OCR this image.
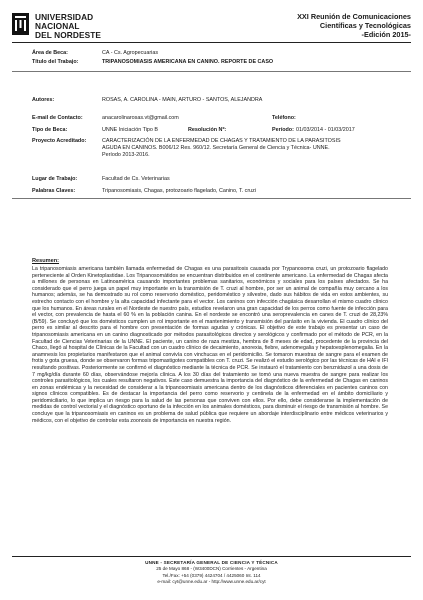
UNIVERSIDAD
NACIONAL
DEL NORDESTE
XXI Reunión de Comunicaciones
Científicas y Tecnológicas
-Edición 2015-
Área de Beca:	CA - Cs. Agropecuarias
Título del Trabajo:	TRIPANOSOMIASIS AMERICANA EN CANINO. REPORTE DE CASO
Autores:	ROSAS, A. CAROLINA - MAIN, ARTURO - SANTOS, ALEJANDRA
E-mail de Contacto:	anacarolinarosas.vt@gmail.com	Teléfono:
Tipo de Beca:	UNNE Iniciación Tipo B	Resolución Nº:	Período: 01/03/2014 - 01/03/2017
Proyecto Acreditado:	CARACTERIZACIÓN DE LA ENFERMEDAD DE CHAGAS Y TRATAMIENTO DE LA PARASITOSIS AGUDA EN CANINOS. B006/12 Res. 960/12. Secretaría General de Ciencia y Técnica- UNNE. Período 2013-2016.
Lugar de Trabajo:	Facultad de Cs. Veterinarias
Palabras Claves:	Tripanosomiasis, Chagas, protozoario flagelado, Canino, T. cruzi
Resumen:
La tripanosomiasis americana también llamada enfermedad de Chagas es una parasitosis causada por Trypanosoma cruzi, un protozoario flagelado perteneciente al Orden Kinetoplastidae. Los Tripanosomátidos se encuentran distribuidos en el continente americano. La enfermedad de Chagas afecta a millones de personas en Latinoamérica causando importantes problemas sanitarios, económicos y sociales para los países afectados. Se ha considerado que el perro juega un papel muy importante en la transmisión de T. cruzi al hombre, por ser un animal de compañía muy cercano a los humanos; además, se ha demostrado su rol como reservorio doméstico, peridoméstico y silvestre, dado sus hábitos de vida en estos ambientes, su estrecho contacto con el hombre y la alta capacidad infectante para el vector. Los caninos con infección chagásica desarrollan el mismo cuadro clínico que los humanos. En áreas rurales en el Nordeste de nuestro país, estudios revelaron una gran capacidad de los perros como fuente de infección para el vector, con prevalencia de hasta el 60 % en la población canina. En el nordeste se encontró una seroprevalencia en canes de T. cruzi de 28,23% (B/59). Se concluyó que los domésticos cumplen un rol importante en el mantenimiento y transmisión del parásito en la vivienda. El cuadro clínico del perro es similar al descrito para el hombre con presentación de formas agudas y crónicas. El objetivo de este trabajo es presentar un caso de tripanosomiasis americana en un canino diagnosticado por métodos parasitológicos directos y serológicos y confirmado por el método de PCR, en la Facultad de Ciencias Veterinarias de la UNNE. El paciente, un canino de raza mestiza, hembra de 8 meses de edad, procedente de la provincia del Chaco, llegó al hospital de Clínicas de la Facultad con un cuadro clínico de decaimiento, anorexia, fiebre, adenomegalia y hepatoesplenomegalia. En la anamnesis los propietarios manifestaron que el animal convivía con vinchucas en el peridomicilio. Se tomaron muestras de sangre para el examen de frotis y gota gruesa, donde se observaron formas tripomastigotes compatibles con T. cruzi. Se realizó el estudio serológico por las técnicas de HAI e IFI resultando positivas. Posteriormente se confirmó el diagnóstico mediante la técnica de PCR. Se instauró el tratamiento con benznidazol a una dosis de 7 mg/kg/día durante 60 días, observándose mejoría clínica. A los 30 días del tratamiento se tomó una nueva muestra de sangre para realizar los controles parasitológicos, los cuales resultaron negativos. Este caso demuestra la importancia del diagnóstico de la enfermedad de Chagas en caninos en zonas endémicas y la necesidad de considerar a la tripanosomiasis americana dentro de los diagnósticos diferenciales en pacientes caninos con signos clínicos compatibles. Es de destacar la importancia del perro como reservorio y centinela de la enfermedad en el ámbito domiciliario y peridomiciliario, lo que implica un riesgo para la salud de las personas que conviven con ellos. Por ello, debe considerarse la implementación de medidas de control vectorial y el diagnóstico oportuno de la infección en los animales domésticos, para disminuir el riesgo de transmisión al hombre. Se concluye que la tripanosomiasis en caninos es un problema de salud pública que requiere un abordaje interdisciplinario entre médicos veterinarios y médicos, con el objetivo de controlar esta zoonosis de importancia en nuestra región.
UNNE - SECRETARÍA GENERAL DE CIENCIA Y TÉCNICA
25 de Mayo 868 - (W3400DCN) Corrientes - Argentina
Tel./Fax: +54 (0379) 4424704 / 4425060 Int. 114
e-mail: cyt@unne.edu.ar - http://www.unne.edu.ar/cyt
